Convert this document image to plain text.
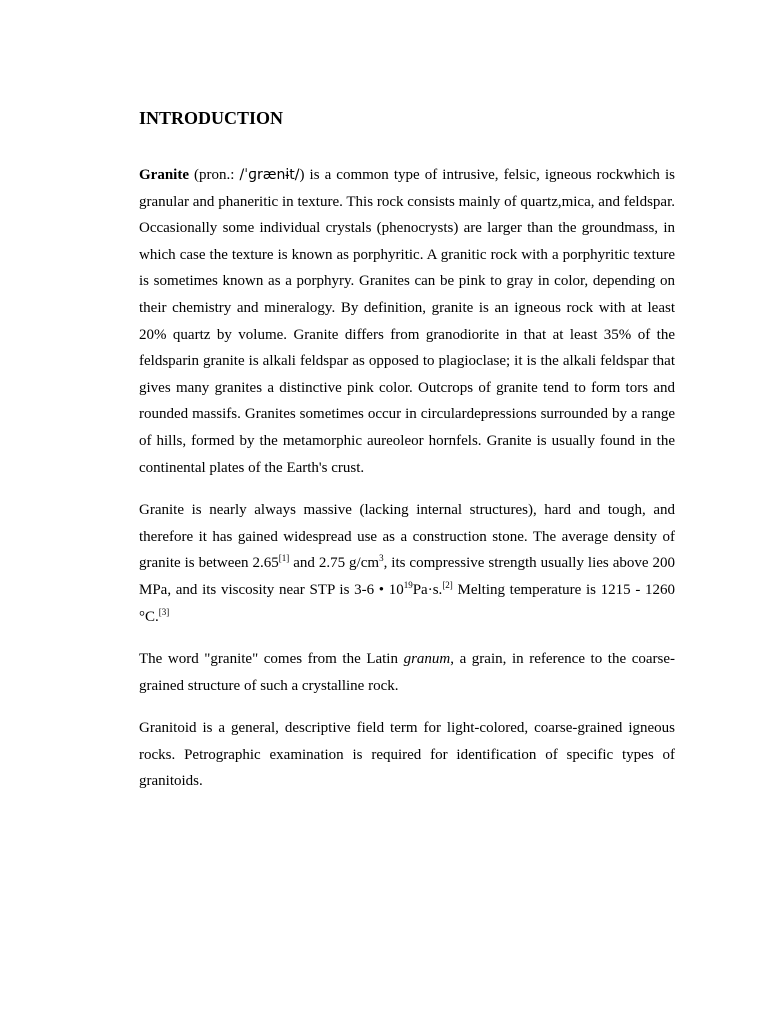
INTRODUCTION

Granite (pron.: /ˈɡrænɨt/) is a common type of intrusive, felsic, igneous rockwhich is granular and phaneritic in texture. This rock consists mainly of quartz,mica, and feldspar. Occasionally some individual crystals (phenocrysts) are larger than the groundmass, in which case the texture is known as porphyritic. A granitic rock with a porphyritic texture is sometimes known as a porphyry. Granites can be pink to gray in color, depending on their chemistry and mineralogy. By definition, granite is an igneous rock with at least 20% quartz by volume. Granite differs from granodiorite in that at least 35% of the feldsparin granite is alkali feldspar as opposed to plagioclase; it is the alkali feldspar that gives many granites a distinctive pink color. Outcrops of granite tend to form tors and rounded massifs. Granites sometimes occur in circulardepressions surrounded by a range of hills, formed by the metamorphic aureoleor hornfels. Granite is usually found in the continental plates of the Earth's crust.

Granite is nearly always massive (lacking internal structures), hard and tough, and therefore it has gained widespread use as a construction stone. The average density of granite is between 2.65[1] and 2.75 $g/cm^3$, its compressive strength usually lies above 200 MPa, and its viscosity near STP is 3-6 • $10^{19}Pa\cdot s.[2]$ Melting temperature is 1215 - 1260 °C.[3]

The word "granite" comes from the Latin granum, a grain, in reference to the coarse-grained structure of such a crystalline rock.

Granitoid is a general, descriptive field term for light-colored, coarse-grained igneous rocks. Petrographic examination is required for identification of specific types of granitoids.
